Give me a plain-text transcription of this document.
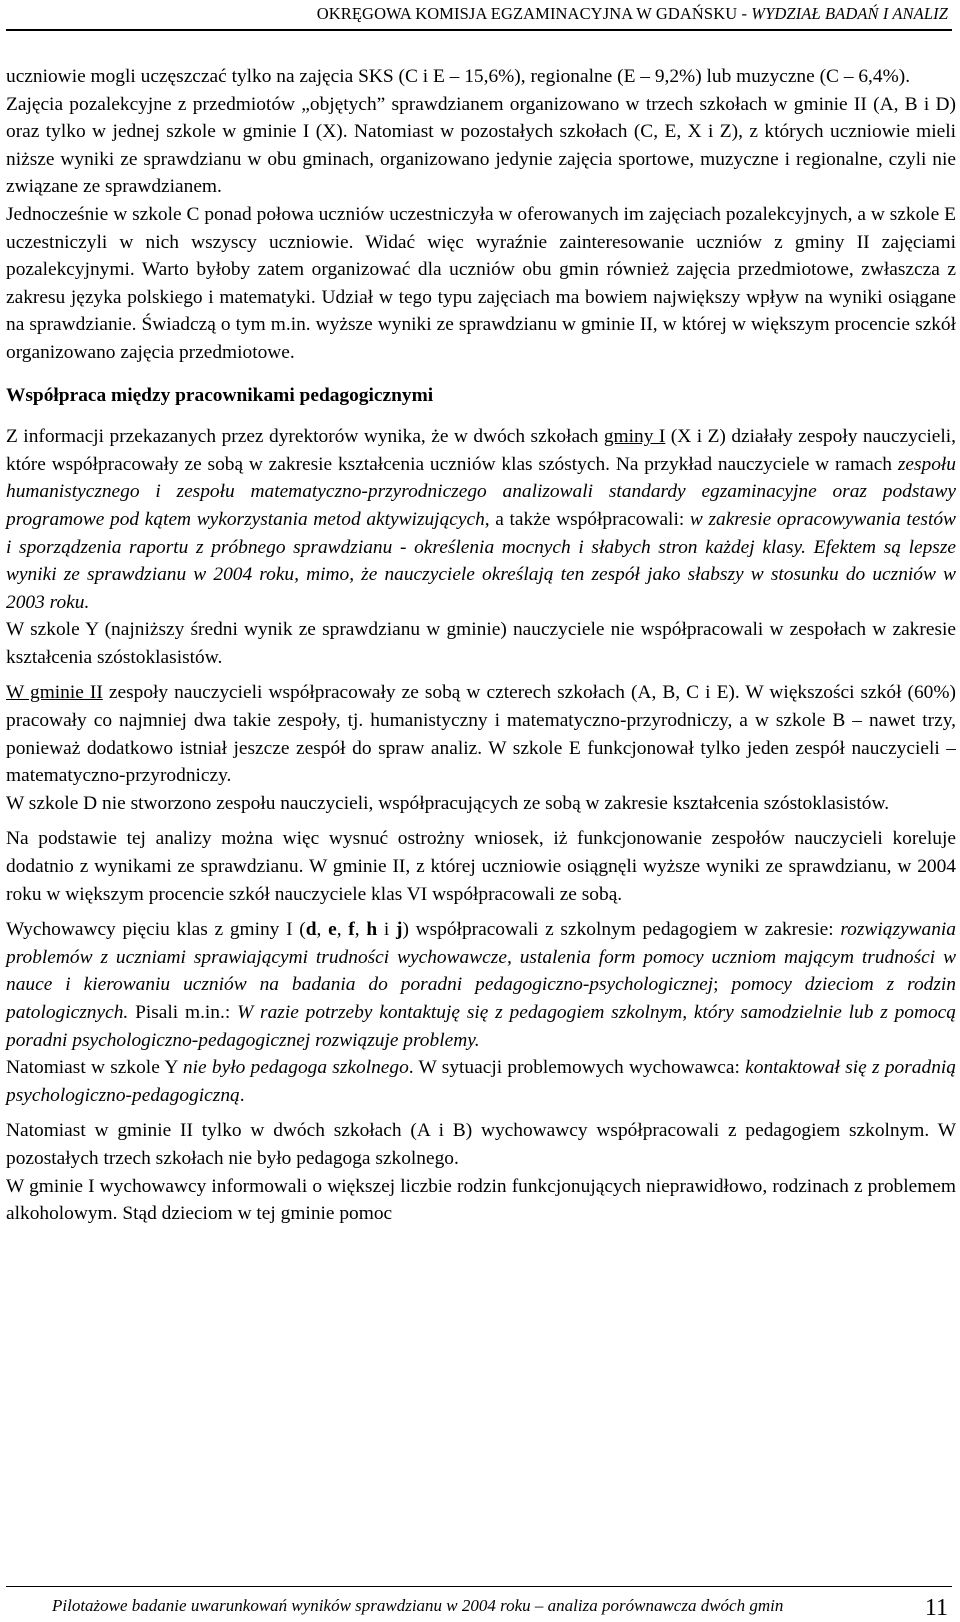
OKRĘGOWA KOMISJA EGZAMINACYJNA W GDAŃSKU - WYDZIAŁ BADAŃ I ANALIZ

uczniowie mogli uczęszczać tylko na zajęcia SKS (C i E – 15,6%), regionalne (E – 9,2%) lub muzyczne (C – 6,4%).

Zajęcia pozalekcyjne z przedmiotów „objętych” sprawdzianem organizowano w trzech szkołach w gminie II (A, B i D) oraz tylko w jednej szkole w gminie I (X). Natomiast w pozostałych szkołach (C, E, X i Z), z których uczniowie mieli niższe wyniki ze sprawdzianu w obu gminach, organizowano jedynie zajęcia sportowe, muzyczne i regionalne, czyli nie związane ze sprawdzianem.

Jednocześnie w szkole C ponad połowa uczniów uczestniczyła w oferowanych im zajęciach pozalekcyjnych, a w szkole E uczestniczyli w nich wszyscy uczniowie. Widać więc wyraźnie zainteresowanie uczniów z gminy II zajęciami pozalekcyjnymi. Warto byłoby zatem organizować dla uczniów obu gmin również zajęcia przedmiotowe, zwłaszcza z zakresu języka polskiego i matematyki. Udział w tego typu zajęciach ma bowiem największy wpływ na wyniki osiągane na sprawdzianie. Świadczą o tym m.in. wyższe wyniki ze sprawdzianu w gminie II, w której w większym procencie szkół organizowano zajęcia przedmiotowe.

Współpraca między pracownikami pedagogicznymi

Z informacji przekazanych przez dyrektorów wynika, że w dwóch szkołach gminy I (X i Z) działały zespoły nauczycieli, które współpracowały ze sobą w zakresie kształcenia uczniów klas szóstych. Na przykład nauczyciele w ramach zespołu humanistycznego i zespołu matematyczno-przyrodniczego analizowali standardy egzaminacyjne oraz podstawy programowe pod kątem wykorzystania metod aktywizujących, a także współpracowali: w zakresie opracowywania testów i sporządzenia raportu z próbnego sprawdzianu - określenia mocnych i słabych stron każdej klasy. Efektem są lepsze wyniki ze sprawdzianu w 2004 roku, mimo, że nauczyciele określają ten zespół jako słabszy w stosunku do uczniów w 2003 roku.

W szkole Y (najniższy średni wynik ze sprawdzianu w gminie) nauczyciele nie współpracowali w zespołach w zakresie kształcenia szóstoklasistów.

W gminie II zespoły nauczycieli współpracowały ze sobą w czterech szkołach (A, B, C i E). W większości szkół (60%) pracowały co najmniej dwa takie zespoły, tj. humanistyczny i matematyczno-przyrodniczy, a w szkole B – nawet trzy, ponieważ dodatkowo istniał jeszcze zespół do spraw analiz. W szkole E funkcjonował tylko jeden zespół nauczycieli – matematyczno-przyrodniczy.

W szkole D nie stworzono zespołu nauczycieli, współpracujących ze sobą w zakresie kształcenia szóstoklasistów.

Na podstawie tej analizy można więc wysnuć ostrożny wniosek, iż funkcjonowanie zespołów nauczycieli koreluje dodatnio z wynikami ze sprawdzianu. W gminie II, z której uczniowie osiągnęli wyższe wyniki ze sprawdzianu, w 2004 roku w większym procencie szkół nauczyciele klas VI współpracowali ze sobą.

Wychowawcy pięciu klas z gminy I (d, e, f, h i j) współpracowali z szkolnym pedagogiem w zakresie: rozwiązywania problemów z uczniami sprawiającymi trudności wychowawcze, ustalenia form pomocy uczniom mającym trudności w nauce i kierowaniu uczniów na badania do poradni pedagogiczno-psychologicznej; pomocy dzieciom z rodzin patologicznych. Pisali m.in.: W razie potrzeby kontaktuję się z pedagogiem szkolnym, który samodzielnie lub z pomocą poradni psychologiczno-pedagogicznej rozwiązuje problemy.

Natomiast w szkole Y nie było pedagoga szkolnego. W sytuacji problemowych wychowawca: kontaktował się z poradnią psychologiczno-pedagogiczną.

Natomiast w gminie II tylko w dwóch szkołach (A i B) wychowawcy współpracowali z pedagogiem szkolnym. W pozostałych trzech szkołach nie było pedagoga szkolnego.

W gminie I wychowawcy informowali o większej liczbie rodzin funkcjonujących nieprawidłowo, rodzinach z problemem alkoholowym. Stąd dzieciom w tej gminie pomoc

Pilotażowe badanie uwarunkowań wyników sprawdzianu w 2004 roku – analiza porównawcza dwóch gmin	11
